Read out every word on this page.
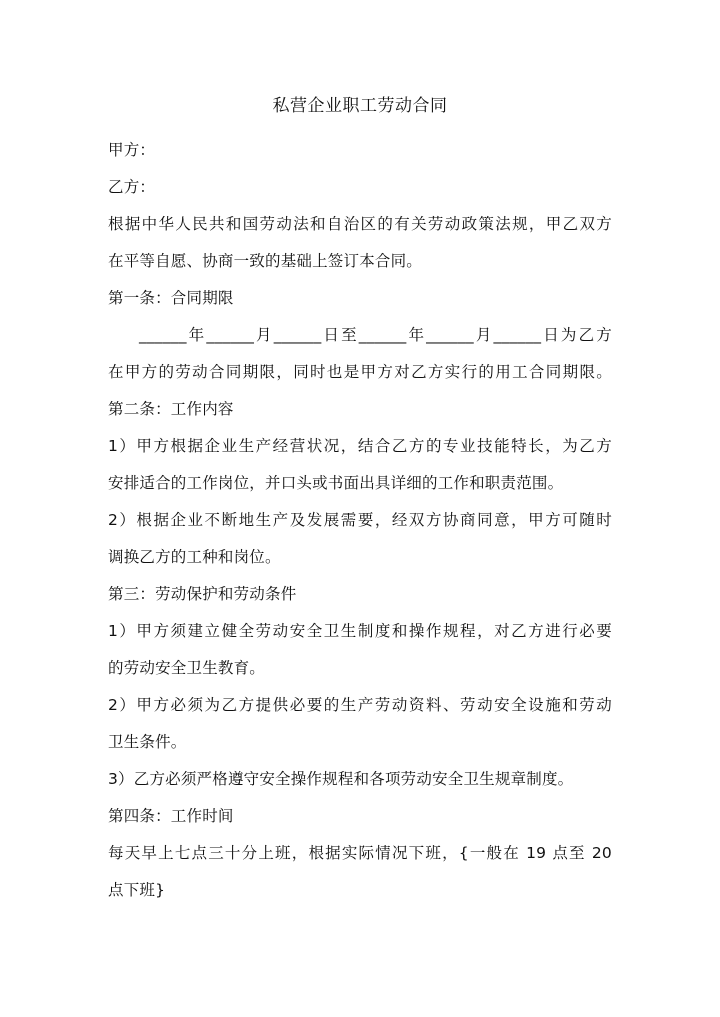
私营企业职工劳动合同

甲方：

乙方：

根据中华人民共和国劳动法和自治区的有关劳动政策法规，甲乙双方

在平等自愿、协商一致的基础上签订本合同。

第一条：合同期限

______年______月______日至______年______月______日为乙方

在甲方的劳动合同期限，同时也是甲方对乙方实行的用工合同期限。

第二条：工作内容

1）甲方根据企业生产经营状况，结合乙方的专业技能特长，为乙方

安排适合的工作岗位，并口头或书面出具详细的工作和职责范围。

2）根据企业不断地生产及发展需要，经双方协商同意，甲方可随时

调换乙方的工种和岗位。

第三：劳动保护和劳动条件

1）甲方须建立健全劳动安全卫生制度和操作规程，对乙方进行必要

的劳动安全卫生教育。

2）甲方必须为乙方提供必要的生产劳动资料、劳动安全设施和劳动

卫生条件。

3）乙方必须严格遵守安全操作规程和各项劳动安全卫生规章制度。

第四条：工作时间

每天早上七点三十分上班，根据实际情况下班，{一般在 19 点至 20

点下班}
